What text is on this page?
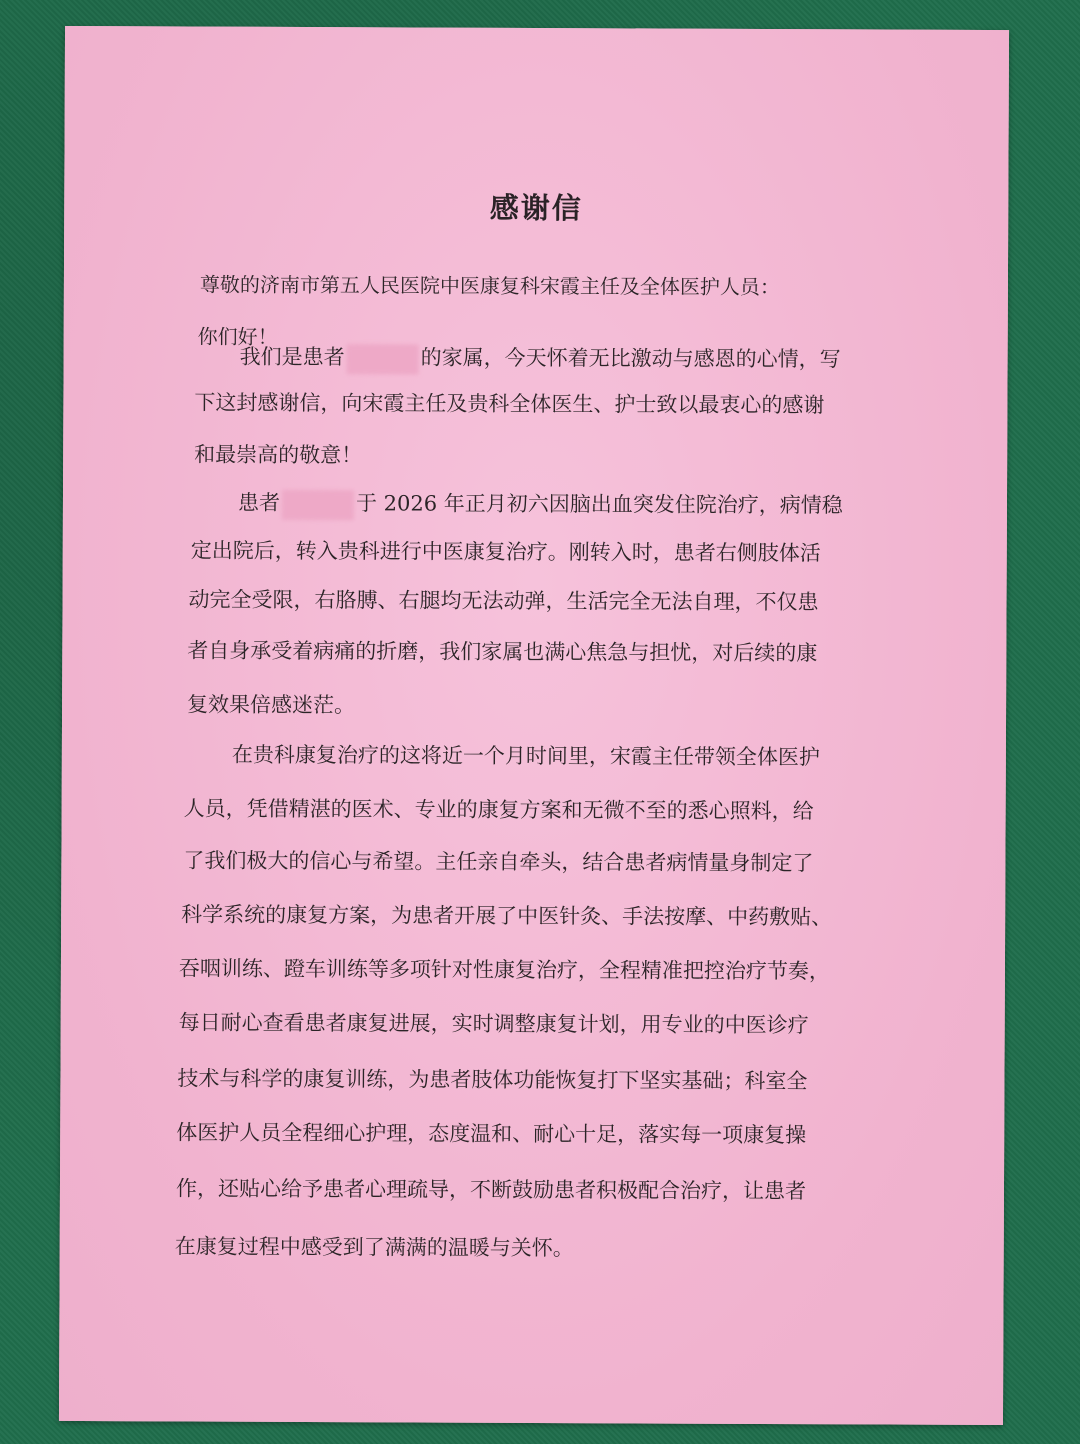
感谢信
尊敬的济南市第五人民医院中医康复科宋霞主任及全体医护人员：
你们好！
我们是患者	的家属，今天怀着无比激动与感恩的心情，写
下这封感谢信，向宋霞主任及贵科全体医生、护士致以最衷心的感谢
和最崇高的敬意！
患者	于 2026 年正月初六因脑出血突发住院治疗，病情稳
定出院后，转入贵科进行中医康复治疗。刚转入时，患者右侧肢体活
动完全受限，右胳膊、右腿均无法动弹，生活完全无法自理，不仅患
者自身承受着病痛的折磨，我们家属也满心焦急与担忧，对后续的康
复效果倍感迷茫。
在贵科康复治疗的这将近一个月时间里，宋霞主任带领全体医护
人员，凭借精湛的医术、专业的康复方案和无微不至的悉心照料，给
了我们极大的信心与希望。主任亲自牵头，结合患者病情量身制定了
科学系统的康复方案，为患者开展了中医针灸、手法按摩、中药敷贴、
吞咽训练、蹬车训练等多项针对性康复治疗，全程精准把控治疗节奏，
每日耐心查看患者康复进展，实时调整康复计划，用专业的中医诊疗
技术与科学的康复训练，为患者肢体功能恢复打下坚实基础；科室全
体医护人员全程细心护理，态度温和、耐心十足，落实每一项康复操
作，还贴心给予患者心理疏导，不断鼓励患者积极配合治疗，让患者
在康复过程中感受到了满满的温暖与关怀。
